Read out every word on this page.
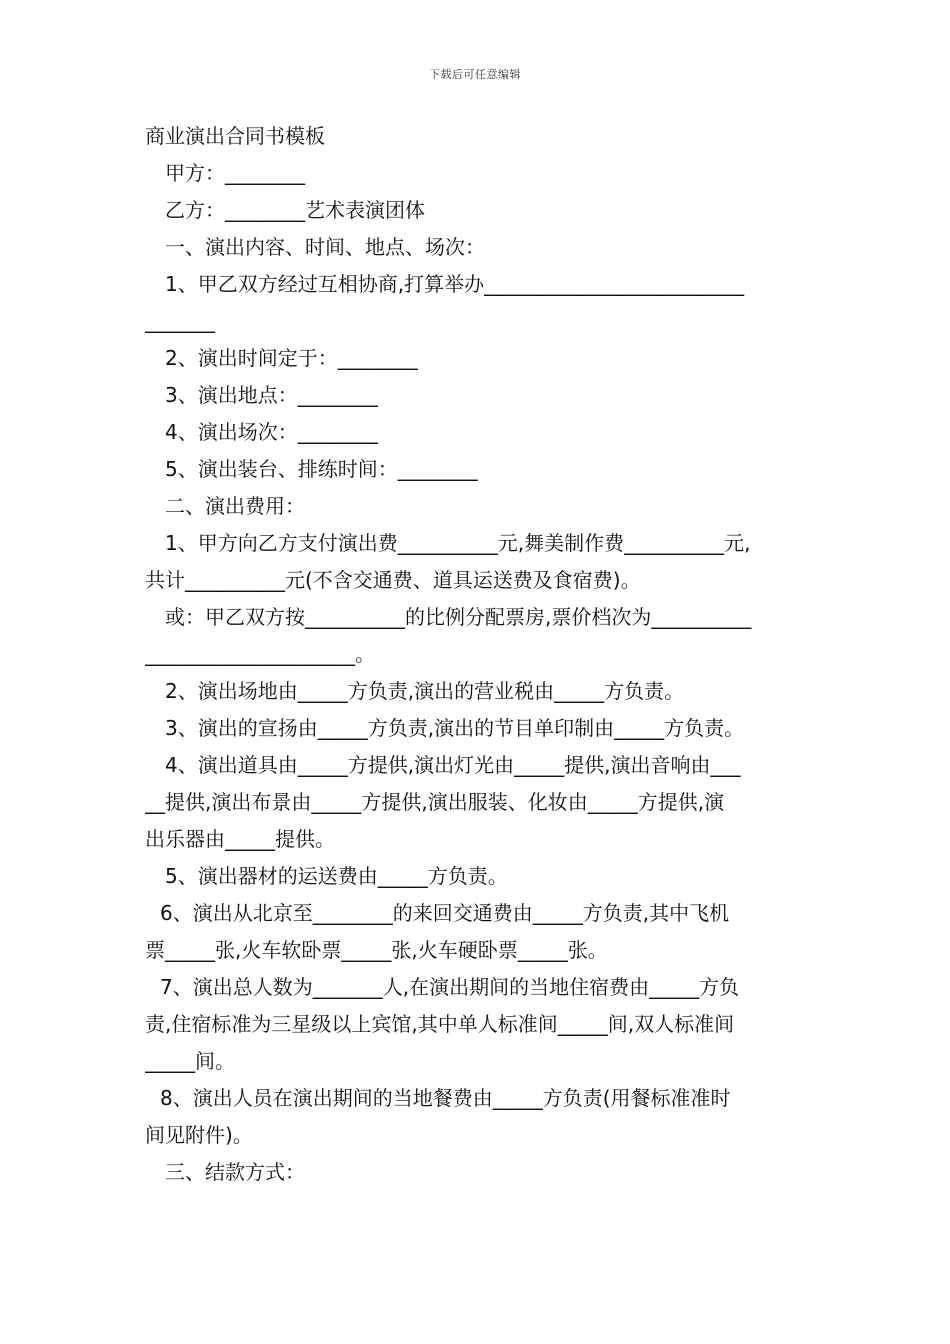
下载后可任意编辑
商业演出合同书模板
甲方：________
乙方：________艺术表演团体
一、演出内容、时间、地点、场次：
1、甲乙双方经过互相协商,打算举办__________________________
_______
2、演出时间定于：________
3、演出地点：________
4、演出场次：________
5、演出装台、排练时间：________
二、演出费用：
1、甲方向乙方支付演出费__________元,舞美制作费__________元,
共计__________元(不含交通费、道具运送费及食宿费)。
或：甲乙双方按__________的比例分配票房,票价档次为__________
_____________________。
2、演出场地由_____方负责,演出的营业税由_____方负责。
3、演出的宣扬由_____方负责,演出的节目单印制由_____方负责。
4、演出道具由_____方提供,演出灯光由_____提供,演出音响由___
__提供,演出布景由_____方提供,演出服装、化妆由_____方提供,演
出乐器由_____提供。
5、演出器材的运送费由_____方负责。
6、演出从北京至________的来回交通费由_____方负责,其中飞机
票_____张,火车软卧票_____张,火车硬卧票_____张。
7、演出总人数为_______人,在演出期间的当地住宿费由_____方负
责,住宿标准为三星级以上宾馆,其中单人标准间_____间,双人标准间
_____间。
8、演出人员在演出期间的当地餐费由_____方负责(用餐标准准时
间见附件)。
三、结款方式：
